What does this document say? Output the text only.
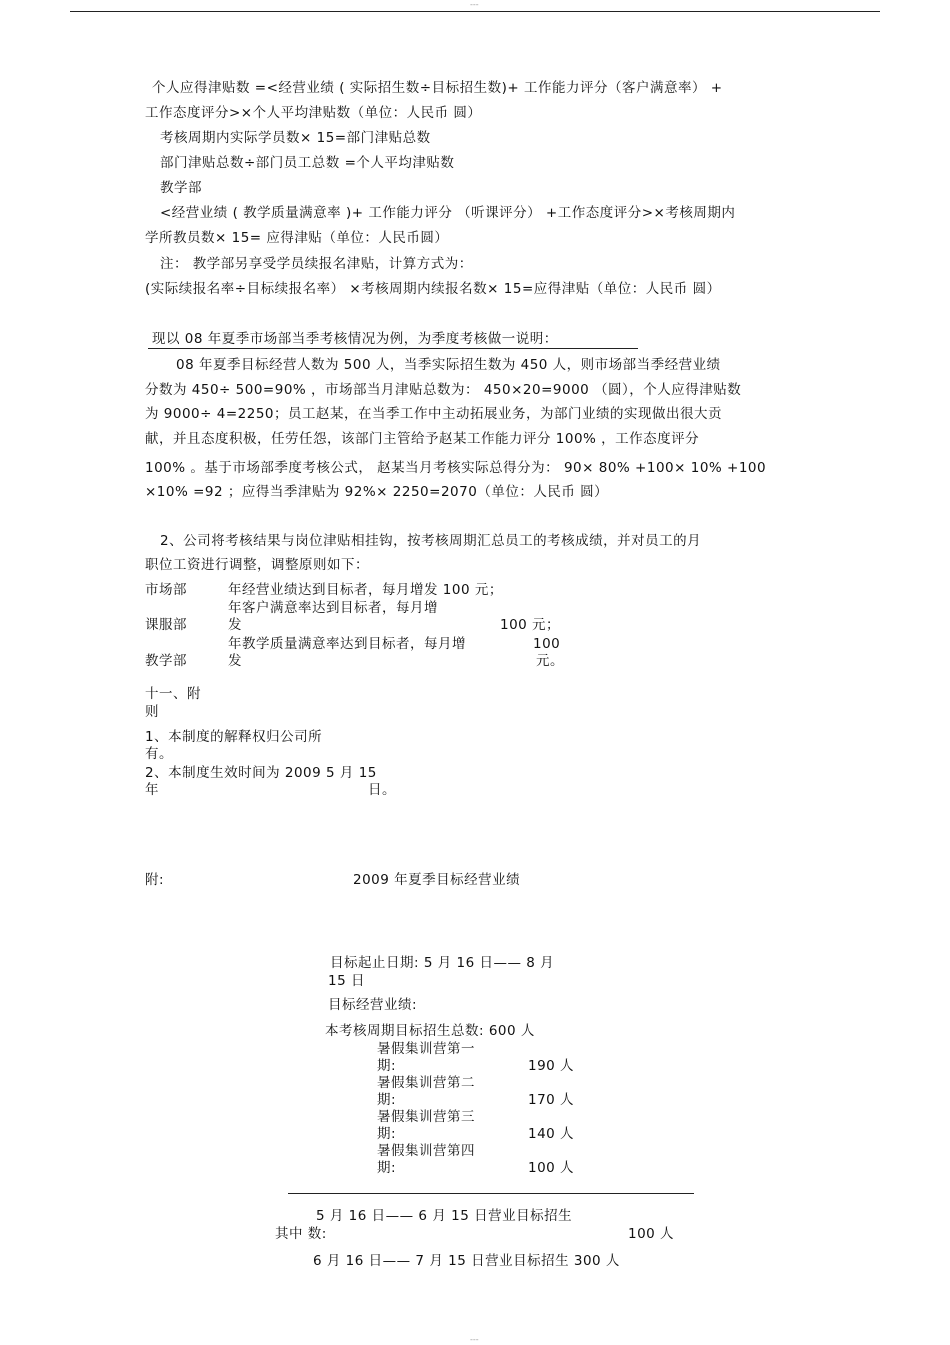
---
个人应得津贴数 =<经营业绩 ( 实际招生数÷目标招生数)+ 工作能力评分（客户满意率） +
工作态度评分>×个人平均津贴数（单位：人民币 圆）
考核周期内实际学员数× 15=部门津贴总数
部门津贴总数÷部门员工总数 =个人平均津贴数
教学部
<经营业绩 ( 教学质量满意率 )+ 工作能力评分 （听课评分） +工作态度评分>×考核周期内
学所教员数× 15= 应得津贴（单位：人民币圆）
注： 教学部另享受学员续报名津贴，计算方式为：
(实际续报名率÷目标续报名率） ×考核周期内续报名数× 15=应得津贴（单位：人民币 圆）
现以 08 年夏季市场部当季考核情况为例，为季度考核做一说明：
08 年夏季目标经营人数为 500 人，当季实际招生数为 450 人，则市场部当季经营业绩
分数为 450÷ 500=90% ，市场部当月津贴总数为： 450×20=9000 （圆），个人应得津贴数
为 9000÷ 4=2250；员工赵某，在当季工作中主动拓展业务，为部门业绩的实现做出很大贡
献，并且态度积极，任劳任怨，该部门主管给予赵某工作能力评分 100% ，工作态度评分
100% 。基于市场部季度考核公式， 赵某当月考核实际总得分为： 90× 80% +100× 10% +100
×10% =92 ；应得当季津贴为 92%× 2250=2070（单位：人民币 圆）
2、公司将考核结果与岗位津贴相挂钩，按考核周期汇总员工的考核成绩，并对员工的月
职位工资进行调整，调整原则如下：
市场部	年经营业绩达到目标者，每月增发 100 元；
年客户满意率达到目标者，每月增
课服部	发	100 元；
年教学质量满意率达到目标者，每月增	100
教学部	发	元。
十一、附
则
1、本制度的解释权归公司所
有。
2、本制度生效时间为 2009 5 月 15
年	日。
附:	2009 年夏季目标经营业绩
目标起止日期: 5 月 16 日—— 8 月
15 日
目标经营业绩:
本考核周期目标招生总数: 600 人
暑假集训营第一
期:	190 人
暑假集训营第二
期:	170 人
暑假集训营第三
期:	140 人
暑假集训营第四
期:	100 人
5 月 16 日—— 6 月 15 日营业目标招生
其中 数:	100 人
6 月 16 日—— 7 月 15 日营业目标招生 300 人
---
